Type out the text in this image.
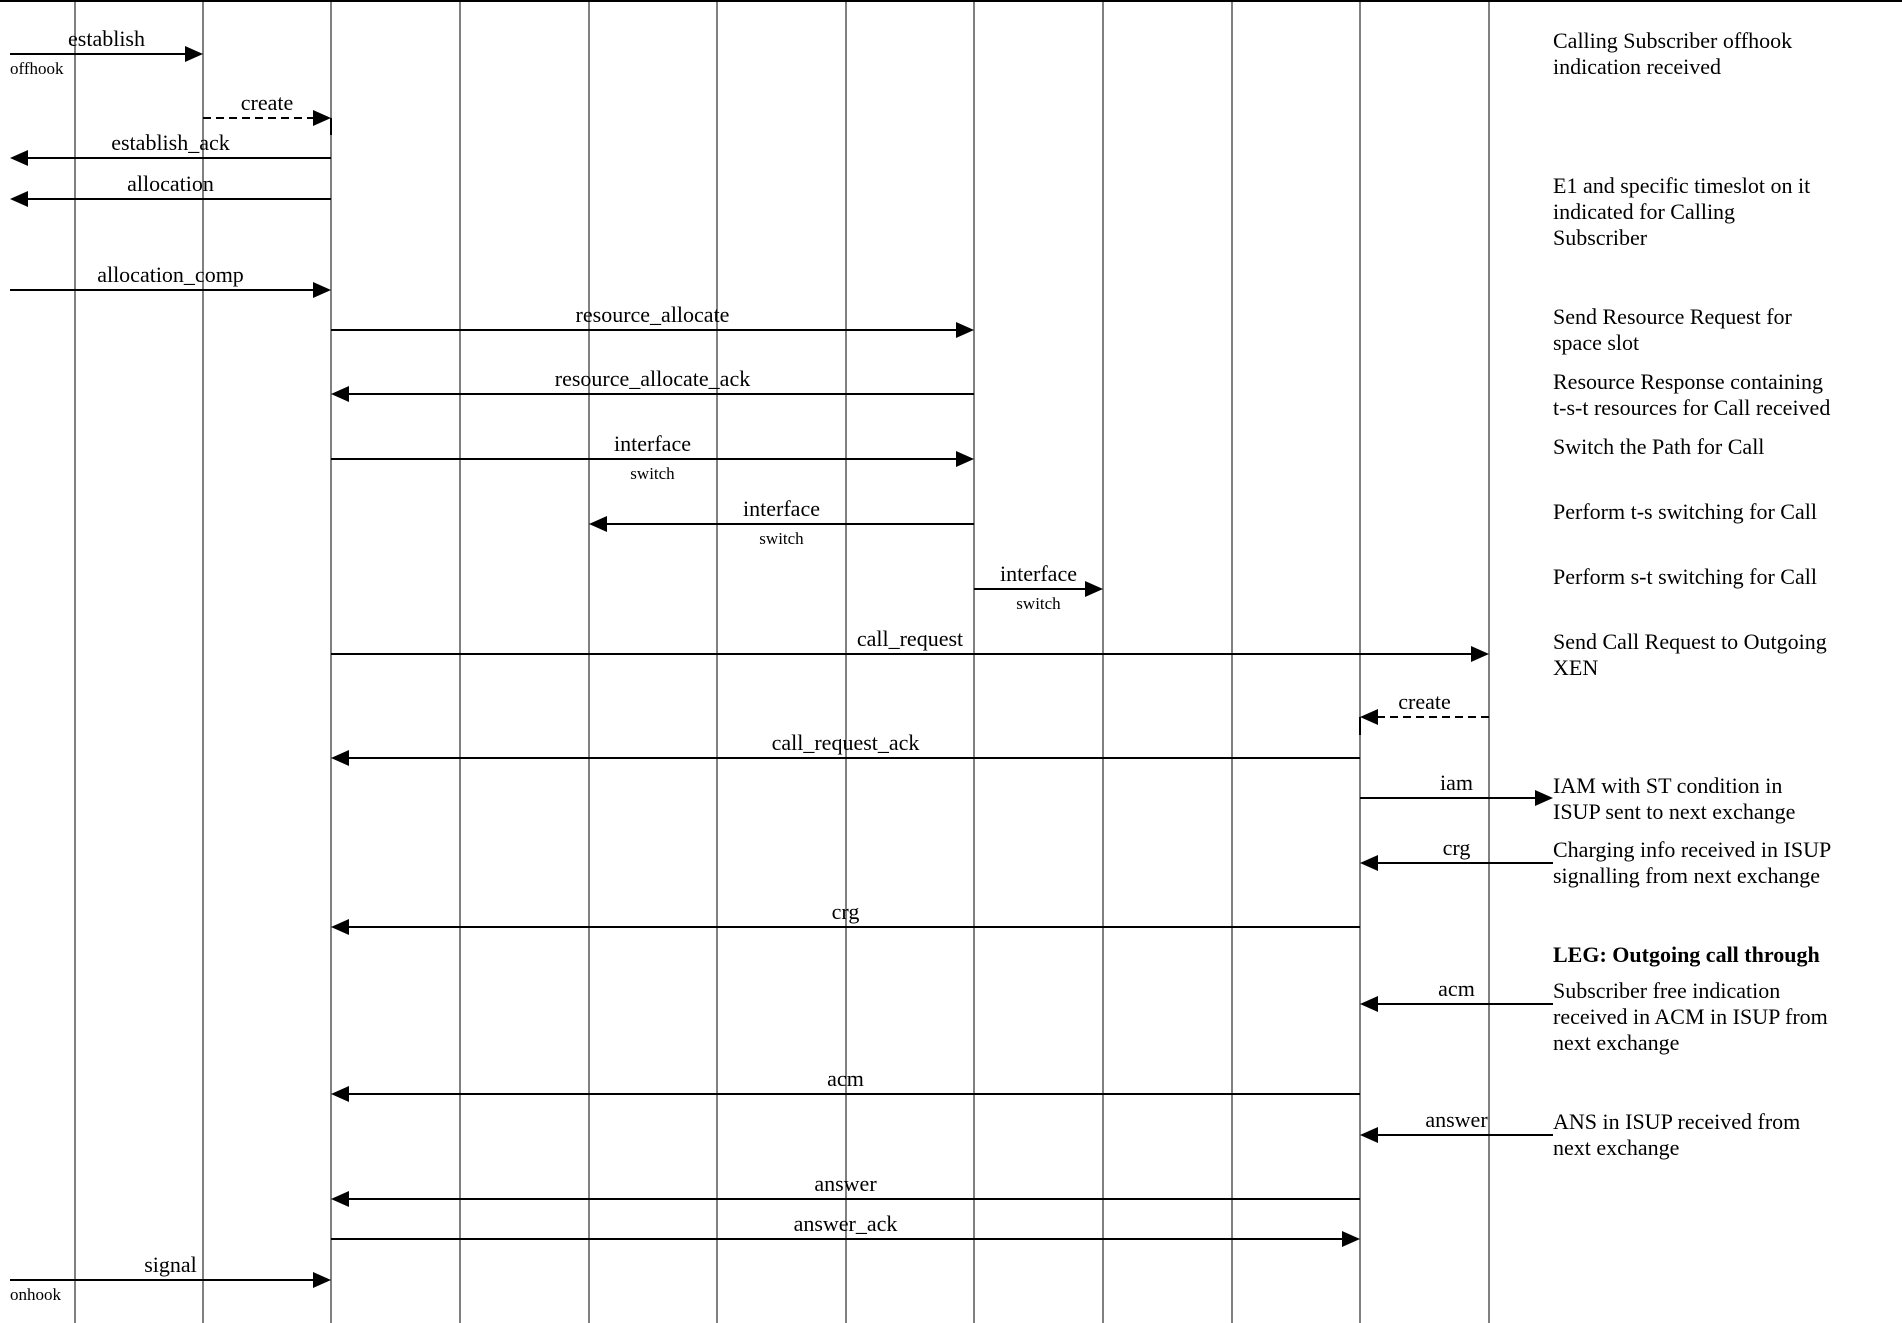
establish
offhook
create
establish_ack
allocation
allocation_comp
resource_allocate
resource_allocate_ack
interface
switch
interface
switch
interface
switch
call_request
create
call_request_ack
iam
crg
crg
acm
acm
answer
answer
answer_ack
signal
onhook
Calling Subscriber offhook indication received
E1 and specific timeslot on it indicated for Calling Subscriber
Send Resource Request for space slot
Resource Response containing t-s-t resources for Call received
Switch the Path for Call
Perform t-s switching for Call
Perform s-t switching for Call
Send Call Request to Outgoing XEN
IAM with ST condition in ISUP sent to next exchange
Charging info received in ISUP signalling from next exchange
LEG: Outgoing call through
Subscriber free indication received in ACM in ISUP from next exchange
ANS in ISUP received from next exchange
